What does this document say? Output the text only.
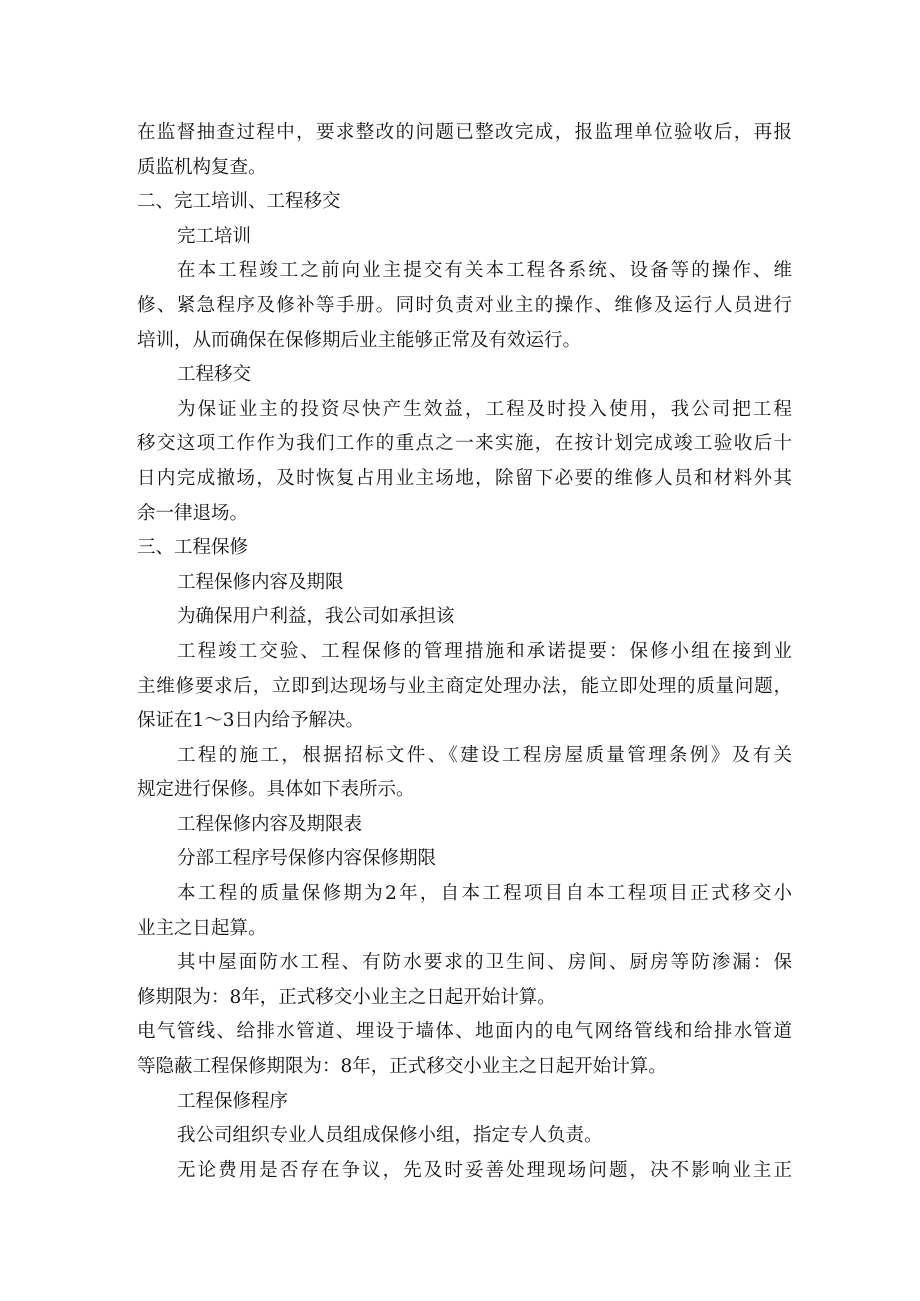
在监督抽查过程中，要求整改的问题已整改完成，报监理单位验收后，再报

质监机构复查。

二、完工培训、工程移交

完工培训

在本工程竣工之前向业主提交有关本工程各系统、设备等的操作、维

修、紧急程序及修补等手册。同时负责对业主的操作、维修及运行人员进行

培训，从而确保在保修期后业主能够正常及有效运行。

工程移交

为保证业主的投资尽快产生效益，工程及时投入使用，我公司把工程

移交这项工作作为我们工作的重点之一来实施，在按计划完成竣工验收后十

日内完成撤场，及时恢复占用业主场地，除留下必要的维修人员和材料外其

余一律退场。

三、工程保修

工程保修内容及期限

为确保用户利益，我公司如承担该

工程竣工交验、工程保修的管理措施和承诺提要：保修小组在接到业

主维修要求后，立即到达现场与业主商定处理办法，能立即处理的质量问题，

保证在1～3日内给予解决。

工程的施工，根据招标文件、《建设工程房屋质量管理条例》及有关

规定进行保修。具体如下表所示。

工程保修内容及期限表

分部工程序号保修内容保修期限

本工程的质量保修期为2年，自本工程项目自本工程项目正式移交小

业主之日起算。

其中屋面防水工程、有防水要求的卫生间、房间、厨房等防渗漏：保

修期限为：8年，正式移交小业主之日起开始计算。

电气管线、给排水管道、埋设于墙体、地面内的电气网络管线和给排水管道

等隐蔽工程保修期限为：8年，正式移交小业主之日起开始计算。

工程保修程序

我公司组织专业人员组成保修小组，指定专人负责。

无论费用是否存在争议，先及时妥善处理现场问题，决不影响业主正
